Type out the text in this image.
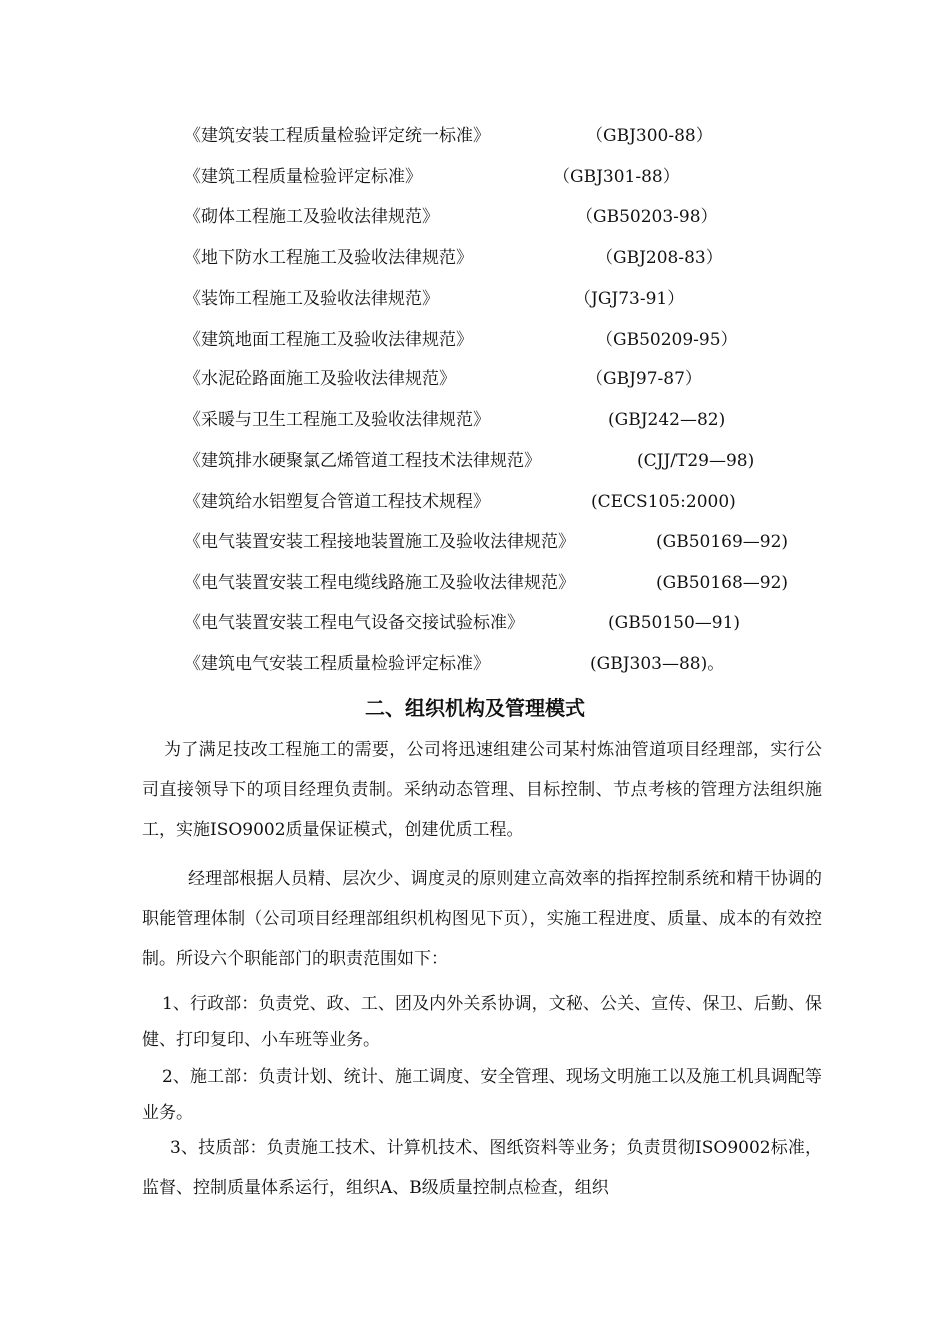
《建筑安装工程质量检验评定统一标准》	（GBJ300-88）
《建筑工程质量检验评定标准》	（GBJ301-88）
《砌体工程施工及验收法律规范》	（GB50203-98）
《地下防水工程施工及验收法律规范》	（GBJ208-83）
《装饰工程施工及验收法律规范》	（JGJ73-91）
《建筑地面工程施工及验收法律规范》	（GB50209-95）
《水泥砼路面施工及验收法律规范》	（GBJ97-87）
《采暖与卫生工程施工及验收法律规范》	(GBJ242—82)
《建筑排水硬聚氯乙烯管道工程技术法律规范》	(CJJ/T29—98)
《建筑给水铝塑复合管道工程技术规程》	(CECS105:2000)
《电气装置安装工程接地装置施工及验收法律规范》	(GB50169—92)
《电气装置安装工程电缆线路施工及验收法律规范》	(GB50168—92)
《电气装置安装工程电气设备交接试验标准》	(GB50150—91)
《建筑电气安装工程质量检验评定标准》	(GBJ303—88)。
二、组织机构及管理模式
为了满足技改工程施工的需要，公司将迅速组建公司某村炼油管道项目经理部，实行公司直接领导下的项目经理负责制。采纳动态管理、目标控制、节点考核的管理方法组织施工，实施ISO9002质量保证模式，创建优质工程。
经理部根据人员精、层次少、调度灵的原则建立高效率的指挥控制系统和精干协调的职能管理体制（公司项目经理部组织机构图见下页），实施工程进度、质量、成本的有效控制。所设六个职能部门的职责范围如下：
1、行政部：负责党、政、工、团及内外关系协调，文秘、公关、宣传、保卫、后勤、保健、打印复印、小车班等业务。
2、施工部：负责计划、统计、施工调度、安全管理、现场文明施工以及施工机具调配等业务。
3、技质部：负责施工技术、计算机技术、图纸资料等业务；负责贯彻ISO9002标准，监督、控制质量体系运行，组织A、B级质量控制点检查，组织
